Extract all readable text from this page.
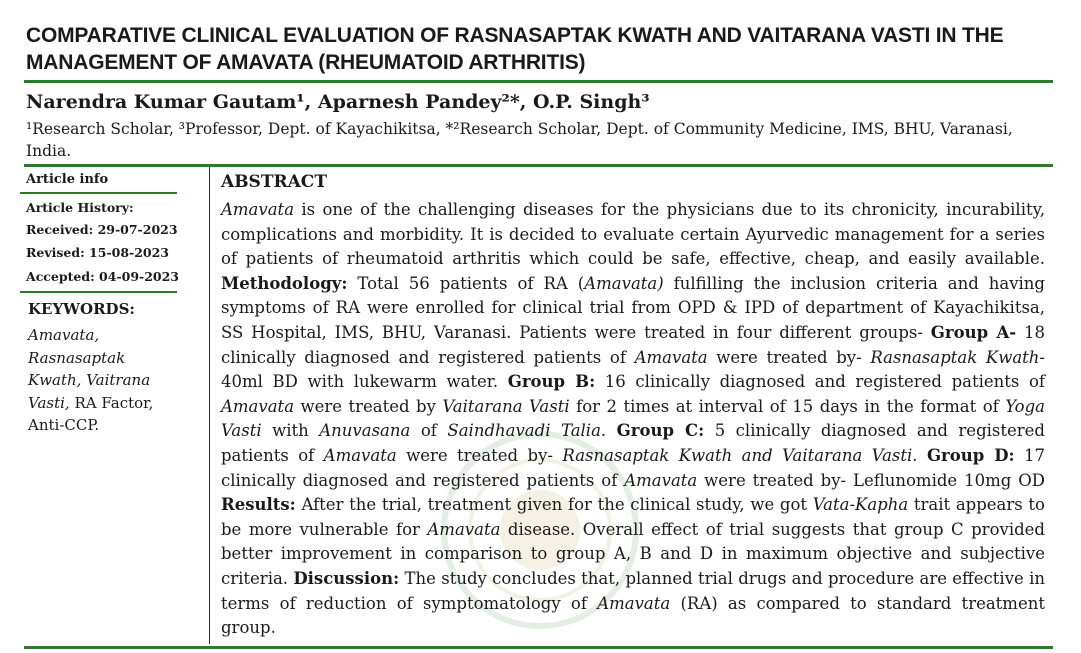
COMPARATIVE CLINICAL EVALUATION OF RASNASAPTAK KWATH AND VAITARANA VASTI IN THE MANAGEMENT OF AMAVATA (RHEUMATOID ARTHRITIS)
Narendra Kumar Gautam¹, Aparnesh Pandey²*, O.P. Singh³
¹Research Scholar, ³Professor, Dept. of Kayachikitsa, *²Research Scholar, Dept. of Community Medicine, IMS, BHU, Varanasi, India.
Article info
Article History:
Received: 29-07-2023
Revised: 15-08-2023
Accepted: 04-09-2023
KEYWORDS:
Amavata, Rasnasaptak Kwath, Vaitrana Vasti, RA Factor, Anti-CCP.
ABSTRACT
Amavata is one of the challenging diseases for the physicians due to its chronicity, incurability, complications and morbidity. It is decided to evaluate certain Ayurvedic management for a series of patients of rheumatoid arthritis which could be safe, effective, cheap, and easily available. Methodology: Total 56 patients of RA (Amavata) fulfilling the inclusion criteria and having symptoms of RA were enrolled for clinical trial from OPD & IPD of department of Kayachikitsa, SS Hospital, IMS, BHU, Varanasi. Patients were treated in four different groups- Group A- 18 clinically diagnosed and registered patients of Amavata were treated by- Rasnasaptak Kwath- 40ml BD with lukewarm water. Group B: 16 clinically diagnosed and registered patients of Amavata were treated by Vaitarana Vasti for 2 times at interval of 15 days in the format of Yoga Vasti with Anuvasana of Saindhavadi Talia. Group C: 5 clinically diagnosed and registered patients of Amavata were treated by- Rasnasaptak Kwath and Vaitarana Vasti. Group D: 17 clinically diagnosed and registered patients of Amavata were treated by- Leflunomide 10mg OD Results: After the trial, treatment given for the clinical study, we got Vata-Kapha trait appears to be more vulnerable for Amavata disease. Overall effect of trial suggests that group C provided better improvement in comparison to group A, B and D in maximum objective and subjective criteria. Discussion: The study concludes that, planned trial drugs and procedure are effective in terms of reduction of symptomatology of Amavata (RA) as compared to standard treatment group.
